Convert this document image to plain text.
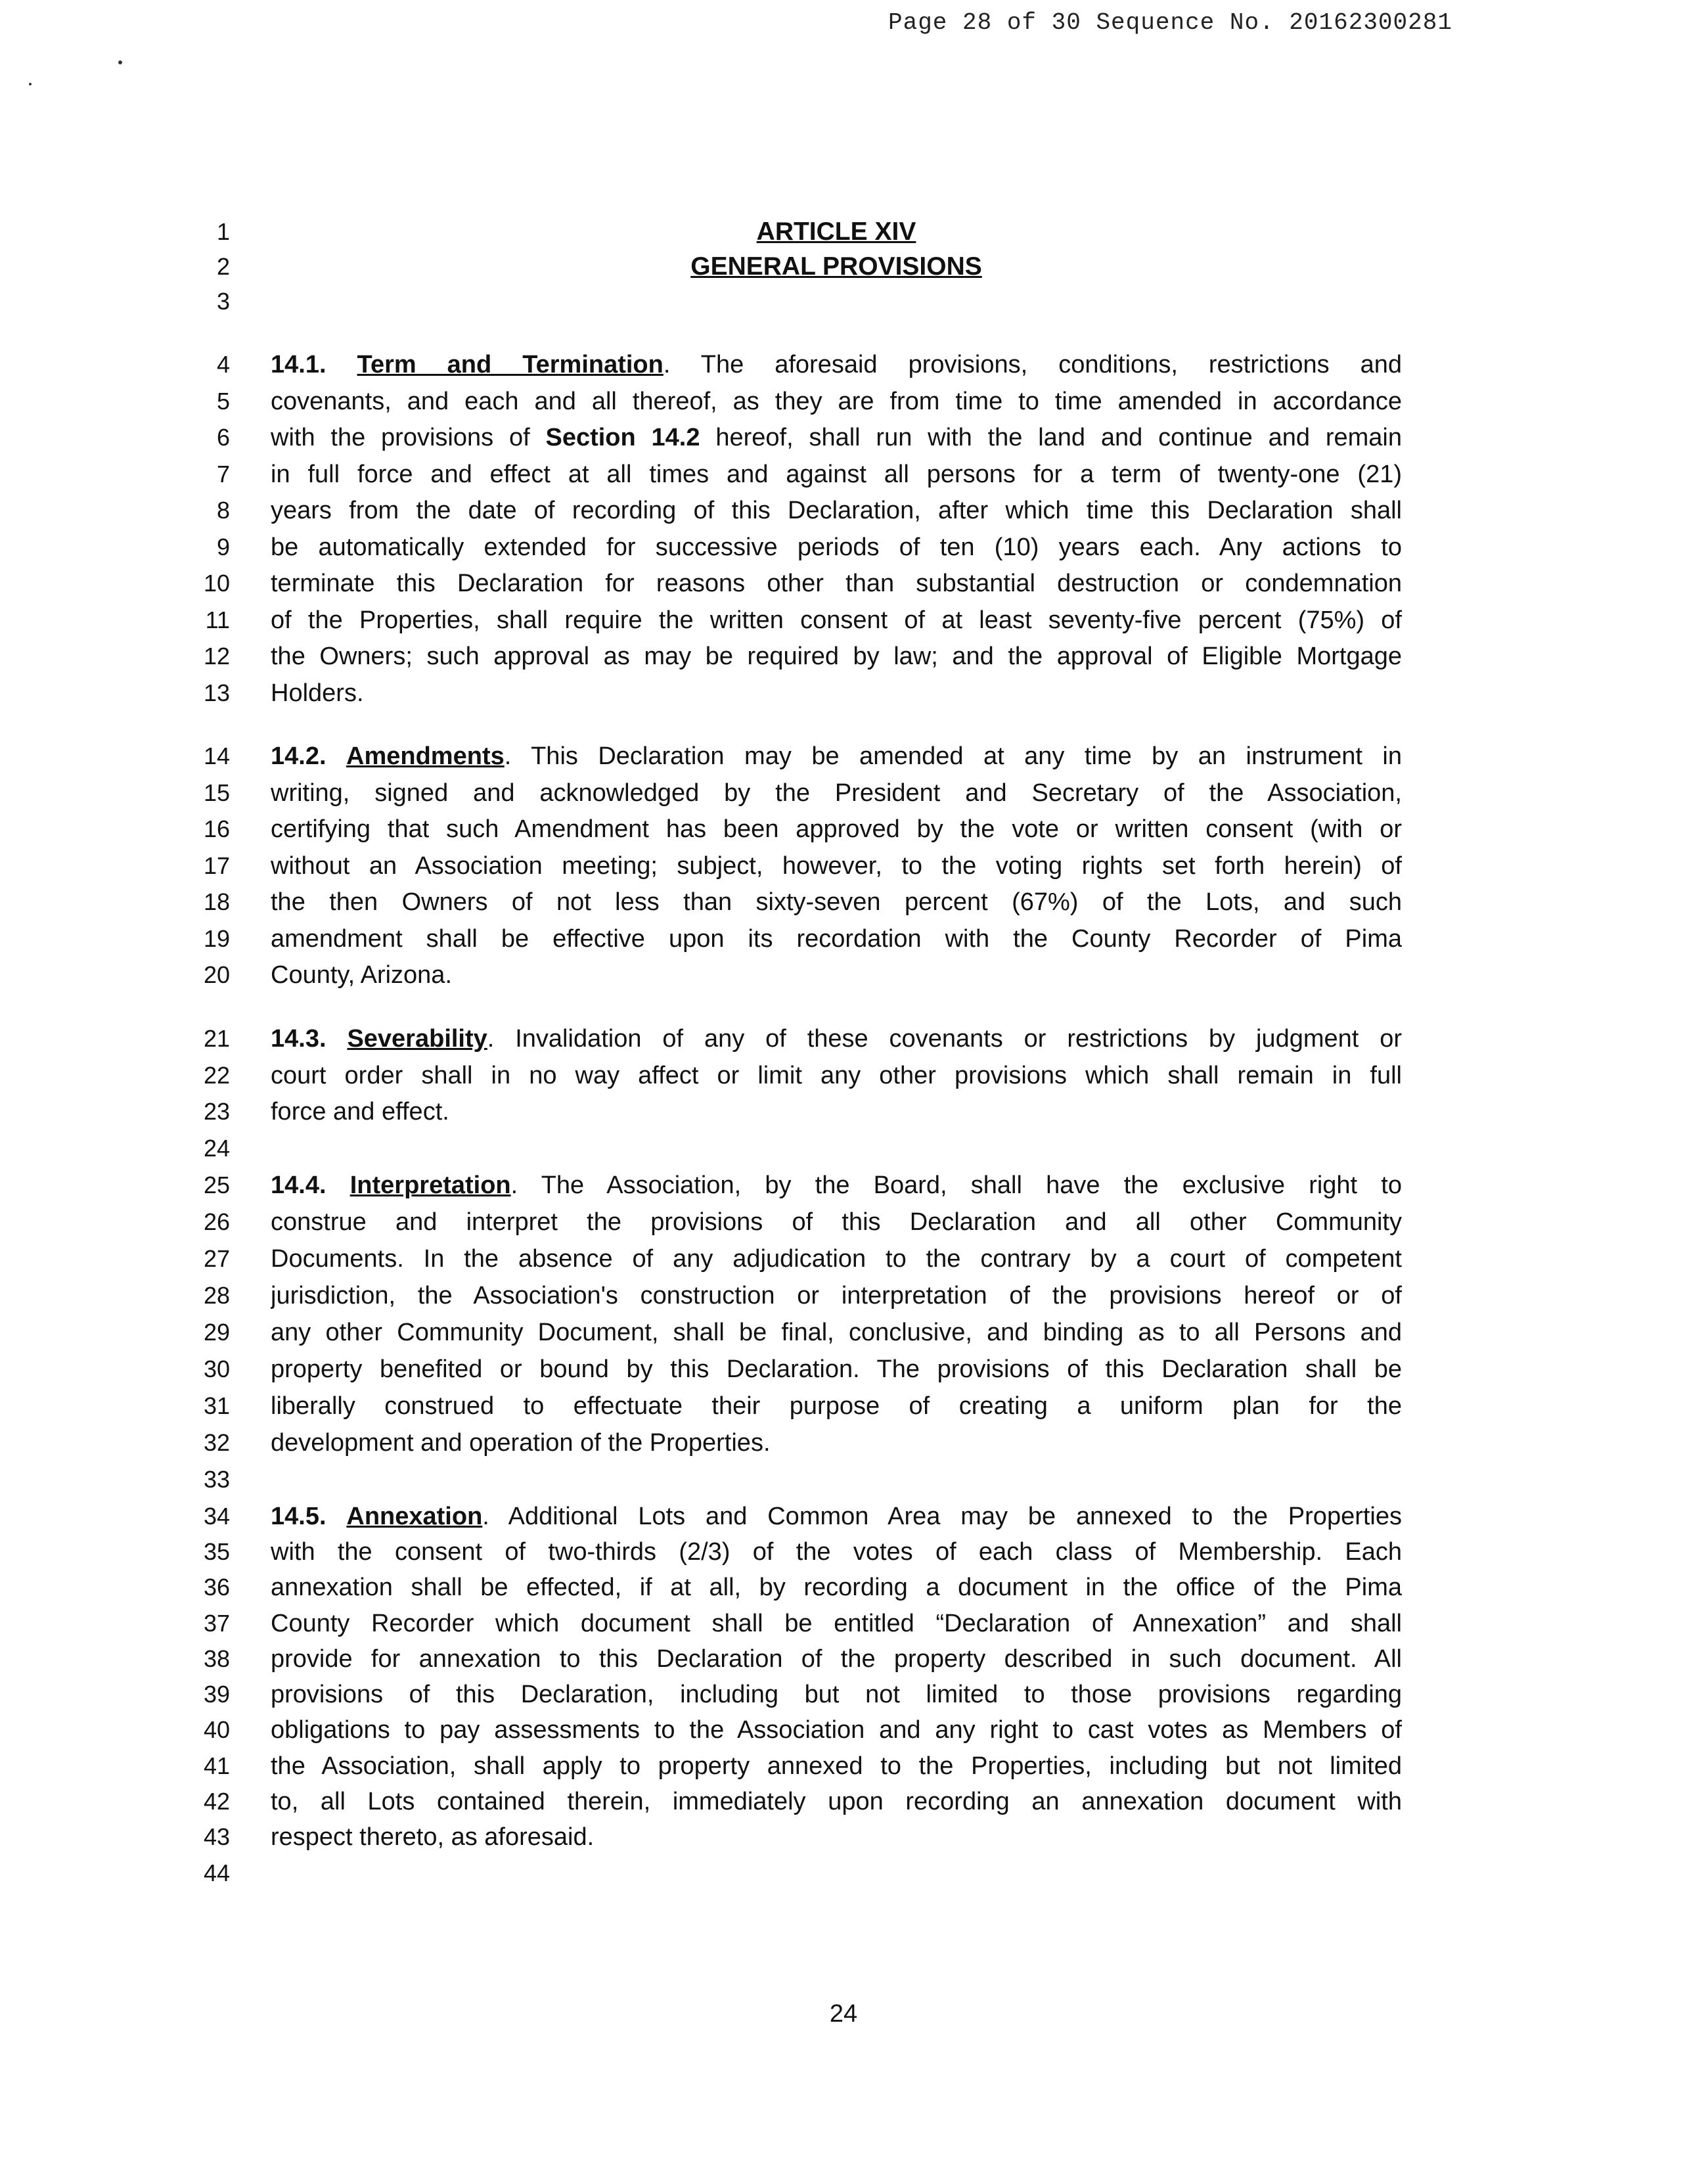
Page 28 of 30 Sequence No. 20162300281
1
2
3
4
5
6
7
8
9
10
11
12
13
14
15
16
17
18
19
20
21
22
23
24
25
26
27
28
29
30
31
32
33
34
35
36
37
38
39
40
41
42
43
44
ARTICLE XIV
GENERAL PROVISIONS
14.1. Term and Termination. The aforesaid provisions, conditions, restrictions and
covenants, and each and all thereof, as they are from time to time amended in accordance
with the provisions of Section 14.2 hereof, shall run with the land and continue and remain
in full force and effect at all times and against all persons for a term of twenty-one (21)
years from the date of recording of this Declaration, after which time this Declaration shall
be automatically extended for successive periods of ten (10) years each. Any actions to
terminate this Declaration for reasons other than substantial destruction or condemnation
of the Properties, shall require the written consent of at least seventy-five percent (75%) of
the Owners; such approval as may be required by law; and the approval of Eligible Mortgage
Holders.
14.2. Amendments. This Declaration may be amended at any time by an instrument in
writing, signed and acknowledged by the President and Secretary of the Association,
certifying that such Amendment has been approved by the vote or written consent (with or
without an Association meeting; subject, however, to the voting rights set forth herein) of
the then Owners of not less than sixty-seven percent (67%) of the Lots, and such
amendment shall be effective upon its recordation with the County Recorder of Pima
County, Arizona.
14.3. Severability. Invalidation of any of these covenants or restrictions by judgment or
court order shall in no way affect or limit any other provisions which shall remain in full
force and effect.
14.4. Interpretation. The Association, by the Board, shall have the exclusive right to
construe and interpret the provisions of this Declaration and all other Community
Documents. In the absence of any adjudication to the contrary by a court of competent
jurisdiction, the Association's construction or interpretation of the provisions hereof or of
any other Community Document, shall be final, conclusive, and binding as to all Persons and
property benefited or bound by this Declaration. The provisions of this Declaration shall be
liberally construed to effectuate their purpose of creating a uniform plan for the
development and operation of the Properties.
14.5. Annexation. Additional Lots and Common Area may be annexed to the Properties
with the consent of two-thirds (2/3) of the votes of each class of Membership. Each
annexation shall be effected, if at all, by recording a document in the office of the Pima
County Recorder which document shall be entitled “Declaration of Annexation” and shall
provide for annexation to this Declaration of the property described in such document. All
provisions of this Declaration, including but not limited to those provisions regarding
obligations to pay assessments to the Association and any right to cast votes as Members of
the Association, shall apply to property annexed to the Properties, including but not limited
to, all Lots contained therein, immediately upon recording an annexation document with
respect thereto, as aforesaid.
24
